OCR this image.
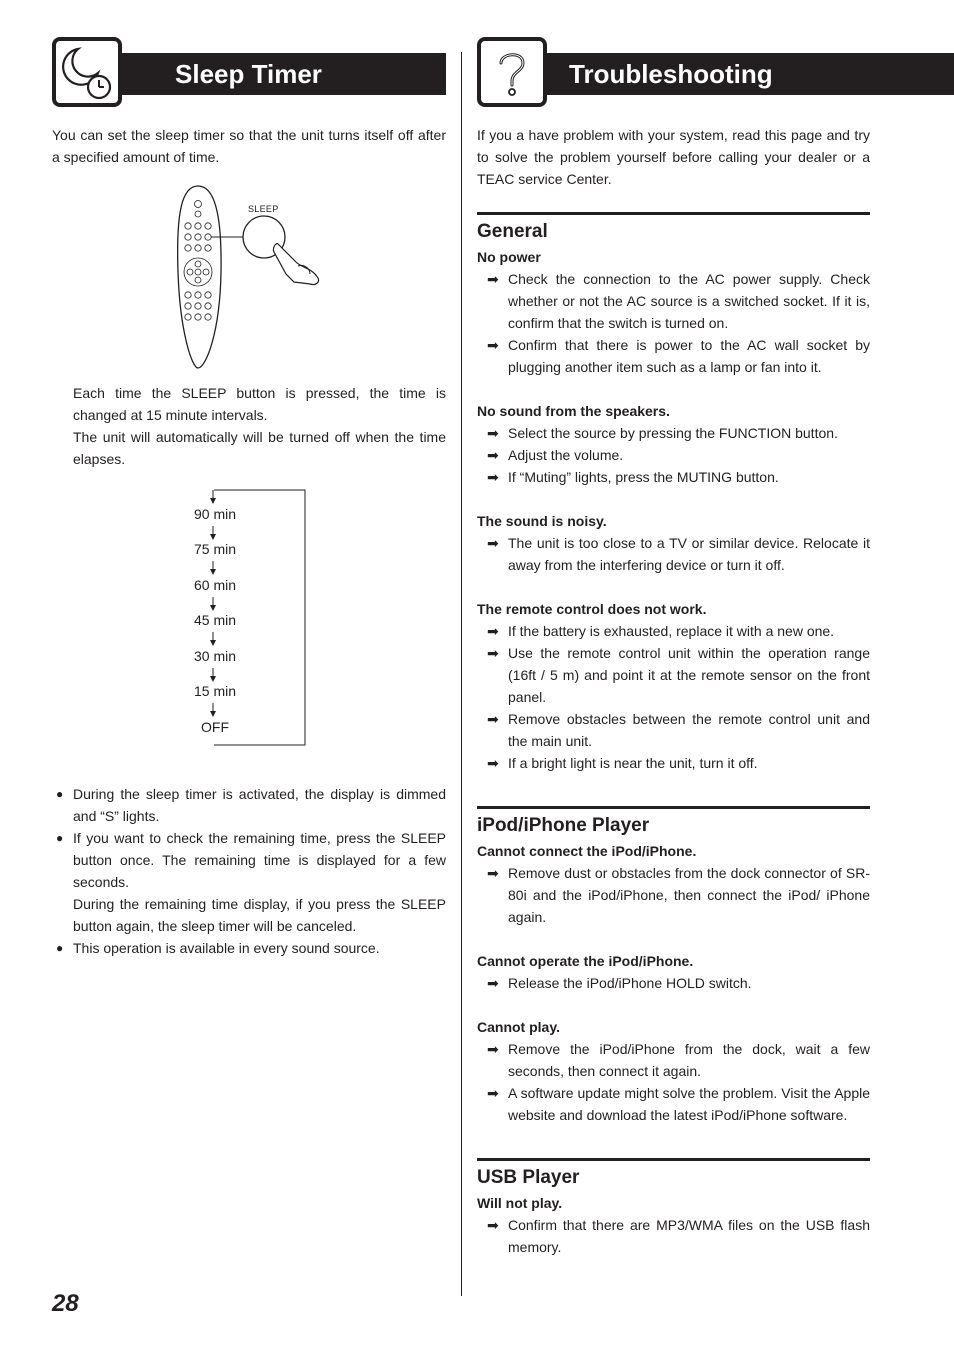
Sleep Timer
You can set the sleep timer so that the unit turns itself off after a specified amount of time.
SLEEP

Each time the SLEEP button is pressed, the time is changed at 15 minute intervals.

The unit will automatically will be turned off when the time elapses.

90 min
75 min
60 min
45 min
30 min
15 min
OFF
● During the sleep timer is activated, the display is dimmed and “S” lights.
● If you want to check the remaining time, press the SLEEP button once. The remaining time is displayed for a few seconds.
During the remaining time display, if you press the SLEEP button again, the sleep timer will be canceled.
● This operation is available in every sound source.
Troubleshooting
If you a have problem with your system, read this page and try to solve the problem yourself before calling your dealer or a TEAC service Center.
General
No power
➡ Check the connection to the AC power supply. Check whether or not the AC source is a switched socket. If it is, confirm that the switch is turned on.
➡ Confirm that there is power to the AC wall socket by plugging another item such as a lamp or fan into it.
No sound from the speakers.
➡ Select the source by pressing the FUNCTION button.
➡ Adjust the volume.
➡ If “Muting” lights, press the MUTING button.
The sound is noisy.
➡ The unit is too close to a TV or similar device. Relocate it away from the interfering device or turn it off.
The remote control does not work.
➡ If the battery is exhausted, replace it with a new one.
➡ Use the remote control unit within the operation range (16ft / 5 m) and point it at the remote sensor on the front panel.
➡ Remove obstacles between the remote control unit and the main unit.
➡ If a bright light is near the unit, turn it off.
iPod/iPhone Player
Cannot connect the iPod/iPhone.
➡ Remove dust or obstacles from the dock connector of SR-80i and the iPod/iPhone, then connect the iPod/ iPhone again.
Cannot operate the iPod/iPhone.
➡ Release the iPod/iPhone HOLD switch.
Cannot play.
➡ Remove the iPod/iPhone from the dock, wait a few seconds, then connect it again.
➡ A software update might solve the problem. Visit the Apple website and download the latest iPod/iPhone software.
USB Player
Will not play.
➡ Confirm that there are MP3/WMA files on the USB flash memory.
28
